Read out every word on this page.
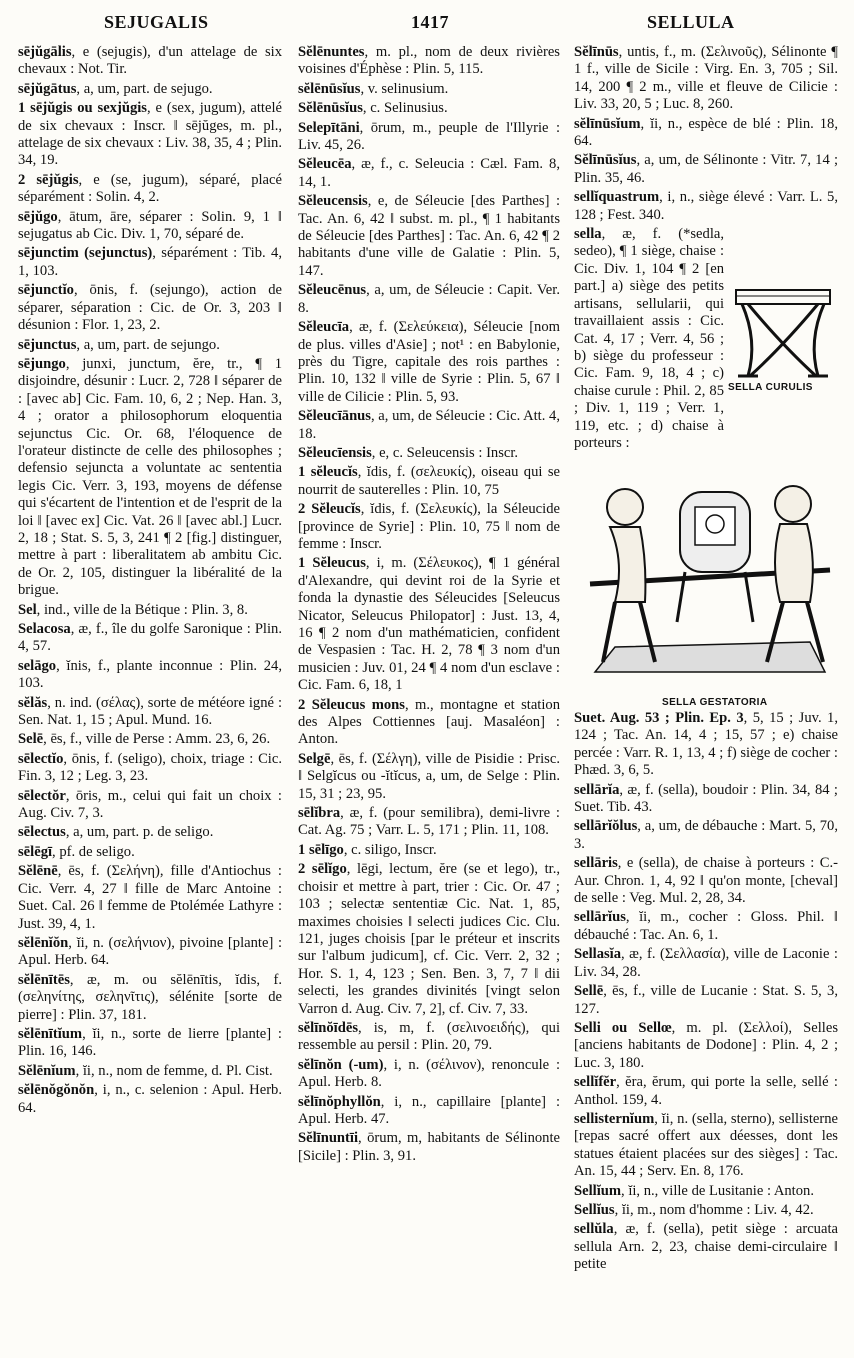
SEJUGALIS	1417	SELLULA
sējŭgālis, e (sejugis), d'un attelage de six chevaux : Not. Tir.
sējŭgātus, a, um, part. de sejugo.
1 sējŭgis ou sexjŭgis, e (sex, jugum), attelé de six chevaux : Inscr. ‖ sējŭges, m. pl., attelage de six chevaux : Liv. 38, 35, 4 ; Plin. 34, 19.
2 sējŭgis, e (se, jugum), séparé, placé séparément : Solin. 4, 2.
sējŭgo, ātum, āre, séparer : Solin. 9, 1 ‖ sejugatus ab Cic. Div. 1, 70, séparé de.
sējunctim (sejunctus), séparément : Tib. 4, 1, 103.
sējunctĭo, ōnis, f. (sejungo), action de séparer, séparation : Cic. de Or. 3, 203 ‖ désunion : Flor. 1, 23, 2.
sējunctus, a, um, part. de sejungo.
sējungo, junxi, junctum, ĕre, tr., ¶ 1 disjoindre, désunir : Lucr. 2, 728 ‖ séparer de : [avec ab] Cic. Fam. 10, 6, 2 ; Nep. Han. 3, 4 ; orator a philosophorum eloquentia sejunctus Cic. Or. 68, l'éloquence de l'orateur distincte de celle des philosophes ; defensio sejuncta a voluntate ac sententia legis Cic. Verr. 3, 193, moyens de défense qui s'écartent de l'intention et de l'esprit de la loi ‖ [avec ex] Cic. Vat. 26 ‖ [avec abl.] Lucr. 2, 18 ; Stat. S. 5, 3, 241 ¶ 2 [fig.] distinguer, mettre à part : liberalitatem ab ambitu Cic. de Or. 2, 105, distinguer la libéralité de la brigue.
Sel, ind., ville de la Bétique : Plin. 3, 8.
Selacosa, æ, f., île du golfe Saronique : Plin. 4, 57.
selāgo, ĭnis, f., plante inconnue : Plin. 24, 103.
sĕlăs, n. ind. (σέλας), sorte de météore igné : Sen. Nat. 1, 15 ; Apul. Mund. 16.
Selē, ēs, f., ville de Perse : Amm. 23, 6, 26.
sēlectĭo, ōnis, f. (seligo), choix, triage : Cic. Fin. 3, 12 ; Leg. 3, 23.
sēlectŏr, ōris, m., celui qui fait un choix : Aug. Civ. 7, 3.
sēlectus, a, um, part. p. de seligo.
sēlēgī, pf. de seligo.
Sĕlēnē, ēs, f. (Σελήνη), fille d'Antiochus : Cic. Verr. 4, 27 ‖ fille de Marc Antoine : Suet. Cal. 26 ‖ femme de Ptolémée Lathyre : Just. 39, 4, 1.
sĕlēnĭŏn, ĭi, n. (σελήνιον), pivoine [plante] : Apul. Herb. 64.
sĕlēnītēs, æ, m. ou sĕlēnītis, ĭdis, f. (σεληνίτης, σεληνῖτις), sélénite [sorte de pierre] : Plin. 37, 181.
sĕlēnītĭum, ĭi, n., sorte de lierre [plante] : Plin. 16, 146.
Sĕlēnĭum, ĭi, n., nom de femme, d. Pl. Cist.
sĕlēnŏgŏnŏn, i, n., c. selenion : Apul. Herb. 64.
Sĕlēnuntes, m. pl., nom de deux rivières voisines d'Éphèse : Plin. 5, 115.
sĕlēnūsĭus, v. selinusium.
Sĕlēnūsĭus, c. Selinusius.
Selepītāni, ōrum, m., peuple de l'Illyrie : Liv. 45, 26.
Sĕleucēa, æ, f., c. Seleucia : Cæl. Fam. 8, 14, 1.
Sĕleucensis, e, de Séleucie [des Parthes] : Tac. An. 6, 42 ‖ subst. m. pl., ¶ 1 habitants de Séleucie [des Parthes] : Tac. An. 6, 42 ¶ 2 habitants d'une ville de Galatie : Plin. 5, 147.
Sĕleucēnus, a, um, de Séleucie : Capit. Ver. 8.
Sĕleucīa, æ, f. (Σελεύκεια), Séleucie [nom de plus. villes d'Asie] ; not¹ : en Babylonie, près du Tigre, capitale des rois parthes : Plin. 10, 132 ‖ ville de Syrie : Plin. 5, 67 ‖ ville de Cilicie : Plin. 5, 93.
Sĕleucīānus, a, um, de Séleucie : Cic. Att. 4, 18.
Sĕleucīensis, e, c. Seleucensis : Inscr.
1 sĕleucĭs, ĭdis, f. (σελευκίς), oiseau qui se nourrit de sauterelles : Plin. 10, 75
2 Sĕleucĭs, ĭdis, f. (Σελευκίς), la Séleucide [province de Syrie] : Plin. 10, 75 ‖ nom de femme : Inscr.
1 Sĕleucus, i, m. (Σέλευκος), ¶ 1 général d'Alexandre, qui devint roi de la Syrie et fonda la dynastie des Séleucides [Seleucus Nicator, Seleucus Philopator] : Just. 13, 4, 16 ¶ 2 nom d'un mathématicien, confident de Vespasien : Tac. H. 2, 78 ¶ 3 nom d'un musicien : Juv. 01, 24 ¶ 4 nom d'un esclave : Cic. Fam. 6, 18, 1
2 Sĕleucus mons, m., montagne et station des Alpes Cottiennes [auj. Masaléon] : Anton.
Selgē, ēs, f. (Σέλγη), ville de Pisidie : Prisc. ‖ Selgĭcus ou -ĭtĭcus, a, um, de Selge : Plin. 15, 31 ; 23, 95.
sēlĭbra, æ, f. (pour semilibra), demi-livre : Cat. Ag. 75 ; Varr. L. 5, 171 ; Plin. 11, 108.
1 sēlīgo, c. siligo, Inscr.
2 sēlĭgo, lēgi, lectum, ĕre (se et lego), tr., choisir et mettre à part, trier : Cic. Or. 47 ; 103 ; selectæ sententiæ Cic. Nat. 1, 85, maximes choisies ‖ selecti judices Cic. Clu. 121, juges choisis [par le préteur et inscrits sur l'album judicum], cf. Cic. Verr. 2, 32 ; Hor. S. 1, 4, 123 ; Sen. Ben. 3, 7, 7 ‖ dii selecti, les grandes divinités [vingt selon Varron d. Aug. Civ. 7, 2], cf. Civ. 7, 33.
sĕlīnŏīdēs, is, m, f. (σελινοειδής), qui ressemble au persil : Plin. 20, 79.
sĕlīnŏn (-um), i, n. (σέλινον), renoncule : Apul. Herb. 8.
sĕlīnŏphyllŏn, i, n., capillaire [plante] : Apul. Herb. 47.
Sĕlīnuntīi, ōrum, m, habitants de Sélinonte [Sicile] : Plin. 3, 91.
Sĕlīnūs, untis, f., m. (Σελινοῦς), Sélinonte ¶ 1 f., ville de Sicile : Virg. En. 3, 705 ; Sil. 14, 200 ¶ 2 m., ville et fleuve de Cilicie : Liv. 33, 20, 5 ; Luc. 8, 260.
sĕlīnūsĭum, ĭi, n., espèce de blé : Plin. 18, 64.
Sĕlīnūsĭus, a, um, de Sélinonte : Vitr. 7, 14 ; Plin. 35, 46.
sellĭquastrum, i, n., siège élevé : Varr. L. 5, 128 ; Fest. 340.
sella, æ, f. (*sedla, sedeo), ¶ 1 siège, chaise : Cic. Div. 1, 104 ¶ 2 [en part.] a) siège des petits artisans, sellularii, qui travaillaient assis : Cic. Cat. 4, 17 ; Verr. 4, 56 ; b) siège du professeur : Cic. Fam. 9, 18, 4 ; c) chaise curule : Phil. 2, 85 ; Div. 1, 119 ; Verr. 1, 119, etc. ; d) chaise à porteurs :
Suet. Aug. 53 ; Plin. Ep. 3, 5, 15 ; Juv. 1, 124 ; Tac. An. 14, 4 ; 15, 57 ; e) chaise percée : Varr. R. 1, 13, 4 ; f) siège de cocher : Phæd. 3, 6, 5.
sellārĭa, æ, f. (sella), boudoir : Plin. 34, 84 ; Suet. Tib. 43.
sellārĭŏlus, a, um, de débauche : Mart. 5, 70, 3.
sellāris, e (sella), de chaise à porteurs : C.-Aur. Chron. 1, 4, 92 ‖ qu'on monte, [cheval] de selle : Veg. Mul. 2, 28, 34.
sellārĭus, ĭi, m., cocher : Gloss. Phil. ‖ débauché : Tac. An. 6, 1.
Sellasĭa, æ, f. (Σελλασία), ville de Laconie : Liv. 34, 28.
Sellē, ēs, f., ville de Lucanie : Stat. S. 5, 3, 127.
Selli ou Sellœ, m. pl. (Σελλοί), Selles [anciens habitants de Dodone] : Plin. 4, 2 ; Luc. 3, 180.
sellĭfĕr, ĕra, ĕrum, qui porte la selle, sellé : Anthol. 159, 4.
sellisternĭum, ĭi, n. (sella, sterno), sellisterne [repas sacré offert aux déesses, dont les statues étaient placées sur des sièges] : Tac. An. 15, 44 ; Serv. En. 8, 176.
Sellĭum, ĭi, n., ville de Lusitanie : Anton.
Sellĭus, ĭi, m., nom d'homme : Liv. 4, 42.
sellŭla, æ, f. (sella), petit siège : arcuata sellula Arn. 2, 23, chaise demi-circulaire ‖ petite
SELLA CURULIS
SELLA GESTATORIA
